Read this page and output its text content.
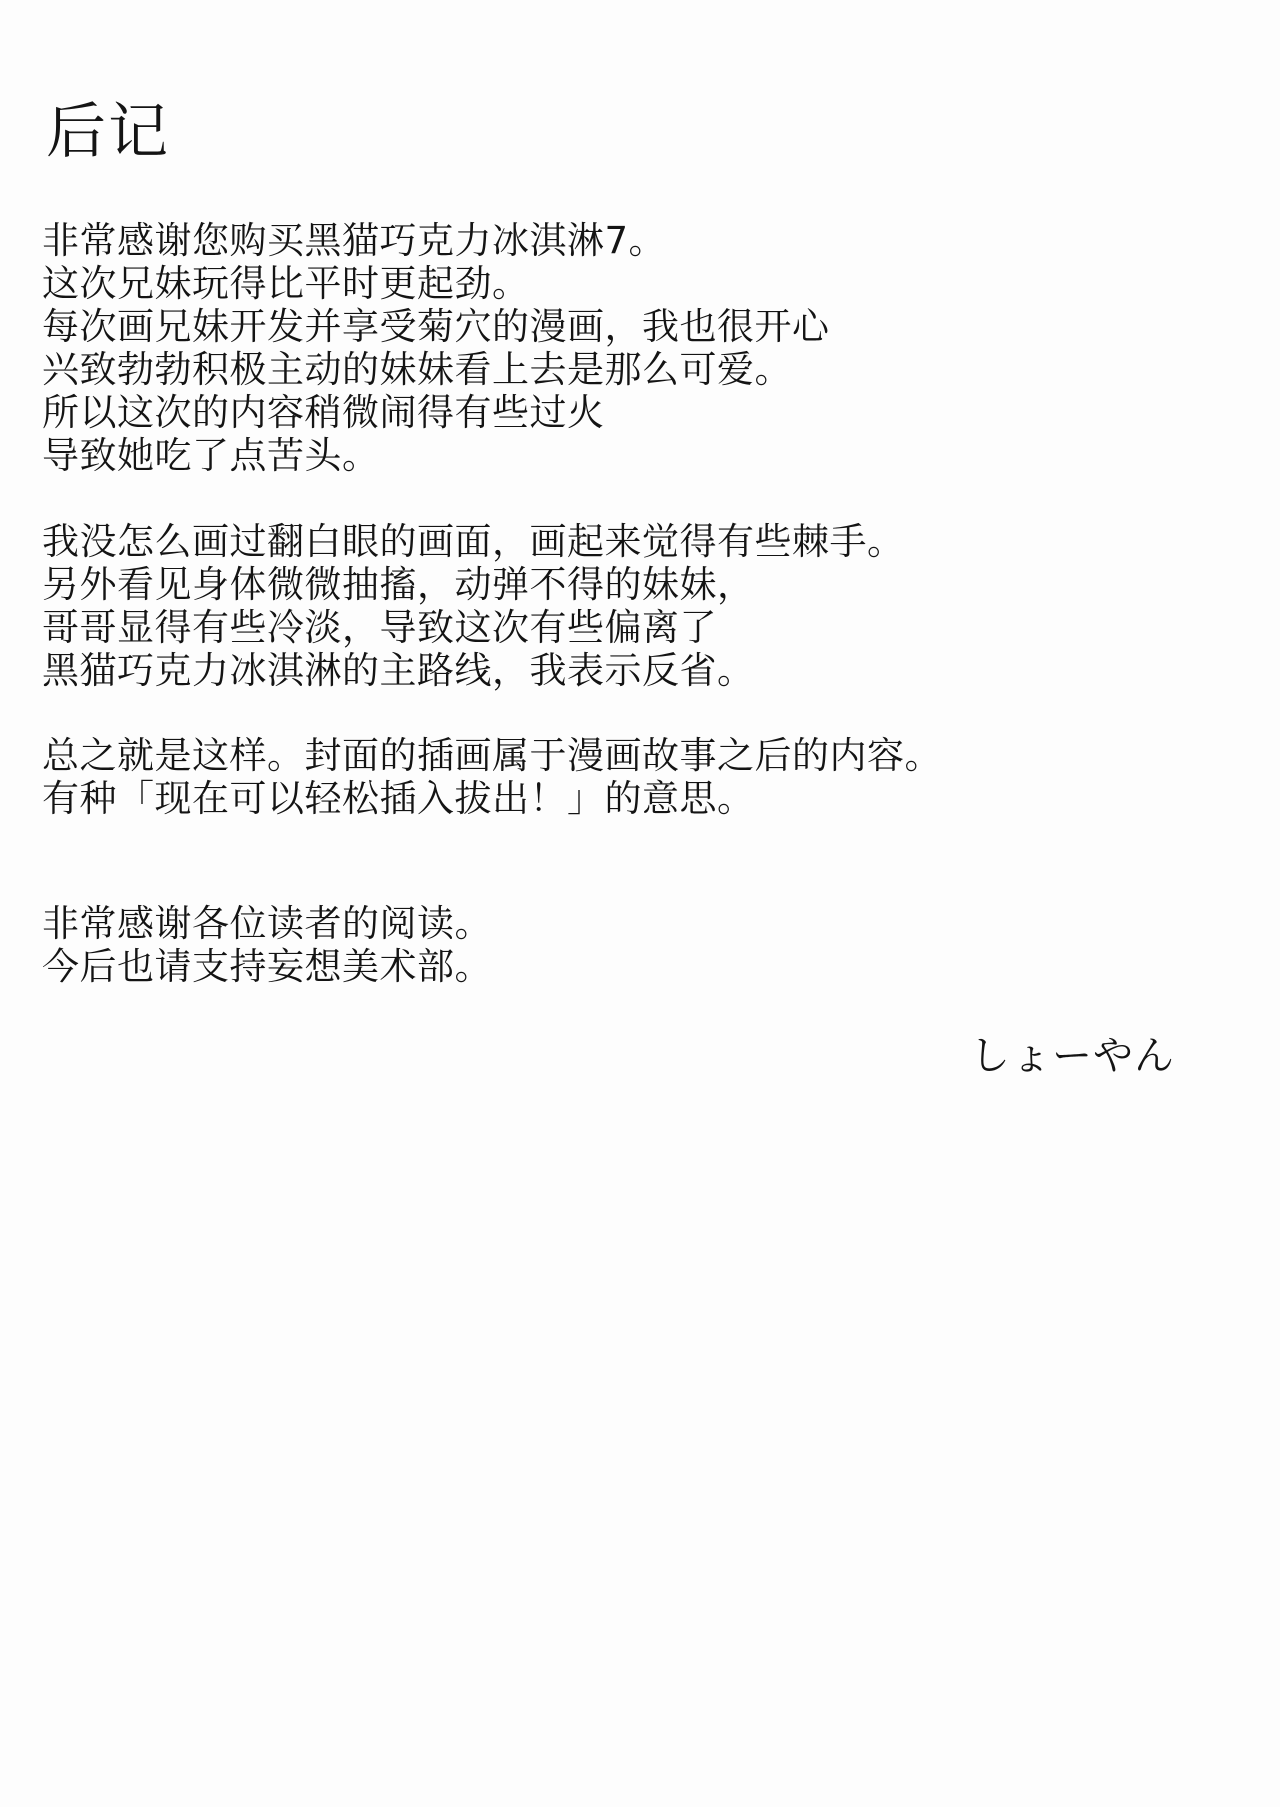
后记
非常感谢您购买黑猫巧克力冰淇淋7。
这次兄妹玩得比平时更起劲。
每次画兄妹开发并享受菊穴的漫画，我也很开心
兴致勃勃积极主动的妹妹看上去是那么可爱。
所以这次的内容稍微闹得有些过火
导致她吃了点苦头。
我没怎么画过翻白眼的画面，画起来觉得有些棘手。
另外看见身体微微抽搐，动弹不得的妹妹，
哥哥显得有些冷淡，导致这次有些偏离了
黑猫巧克力冰淇淋的主路线，我表示反省。
总之就是这样。封面的插画属于漫画故事之后的内容。
有种「现在可以轻松插入拔出！」的意思。
非常感谢各位读者的阅读。
今后也请支持妄想美术部。
しょーやん
